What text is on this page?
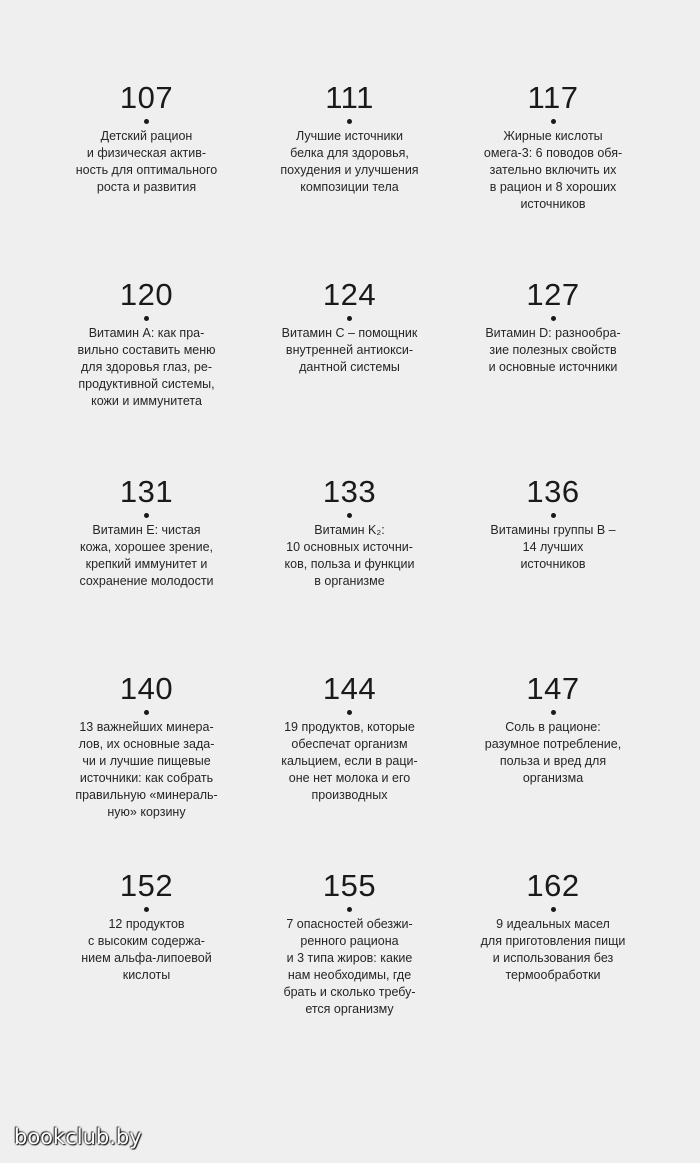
107
Детский рацион
и физическая актив-
ность для оптимального
роста и развития
111
Лучшие источники
белка для здоровья,
похудения и улучшения
композиции тела
117
Жирные кислоты
омега-3: 6 поводов обя-
зательно включить их
в рацион и 8 хороших
источников
120
Витамин A: как пра-
вильно составить меню
для здоровья глаз, ре-
продуктивной системы,
кожи и иммунитета
124
Витамин C – помощник
внутренней антиокси-
дантной системы
127
Витамин D: разнообра-
зие полезных свойств
и основные источники
131
Витамин E: чистая
кожа, хорошее зрение,
крепкий иммунитет и
сохранение молодости
133
Витамин K₂:
10 основных источни-
ков, польза и функции
в организме
136
Витамины группы B –
14 лучших
источников
140
13 важнейших минера-
лов, их основные зада-
чи и лучшие пищевые
источники: как собрать
правильную «минераль-
ную» корзину
144
19 продуктов, которые
обеспечат организм
кальцием, если в раци-
оне нет молока и его
производных
147
Соль в рационе:
разумное потребление,
польза и вред для
организма
152
12 продуктов
с высоким содержа-
нием альфа-липоевой
кислоты
155
7 опасностей обезжи-
ренного рациона
и 3 типа жиров: какие
нам необходимы, где
брать и сколько требу-
ется организму
162
9 идеальных масел
для приготовления пищи
и использования без
термообработки
bookclub.by
